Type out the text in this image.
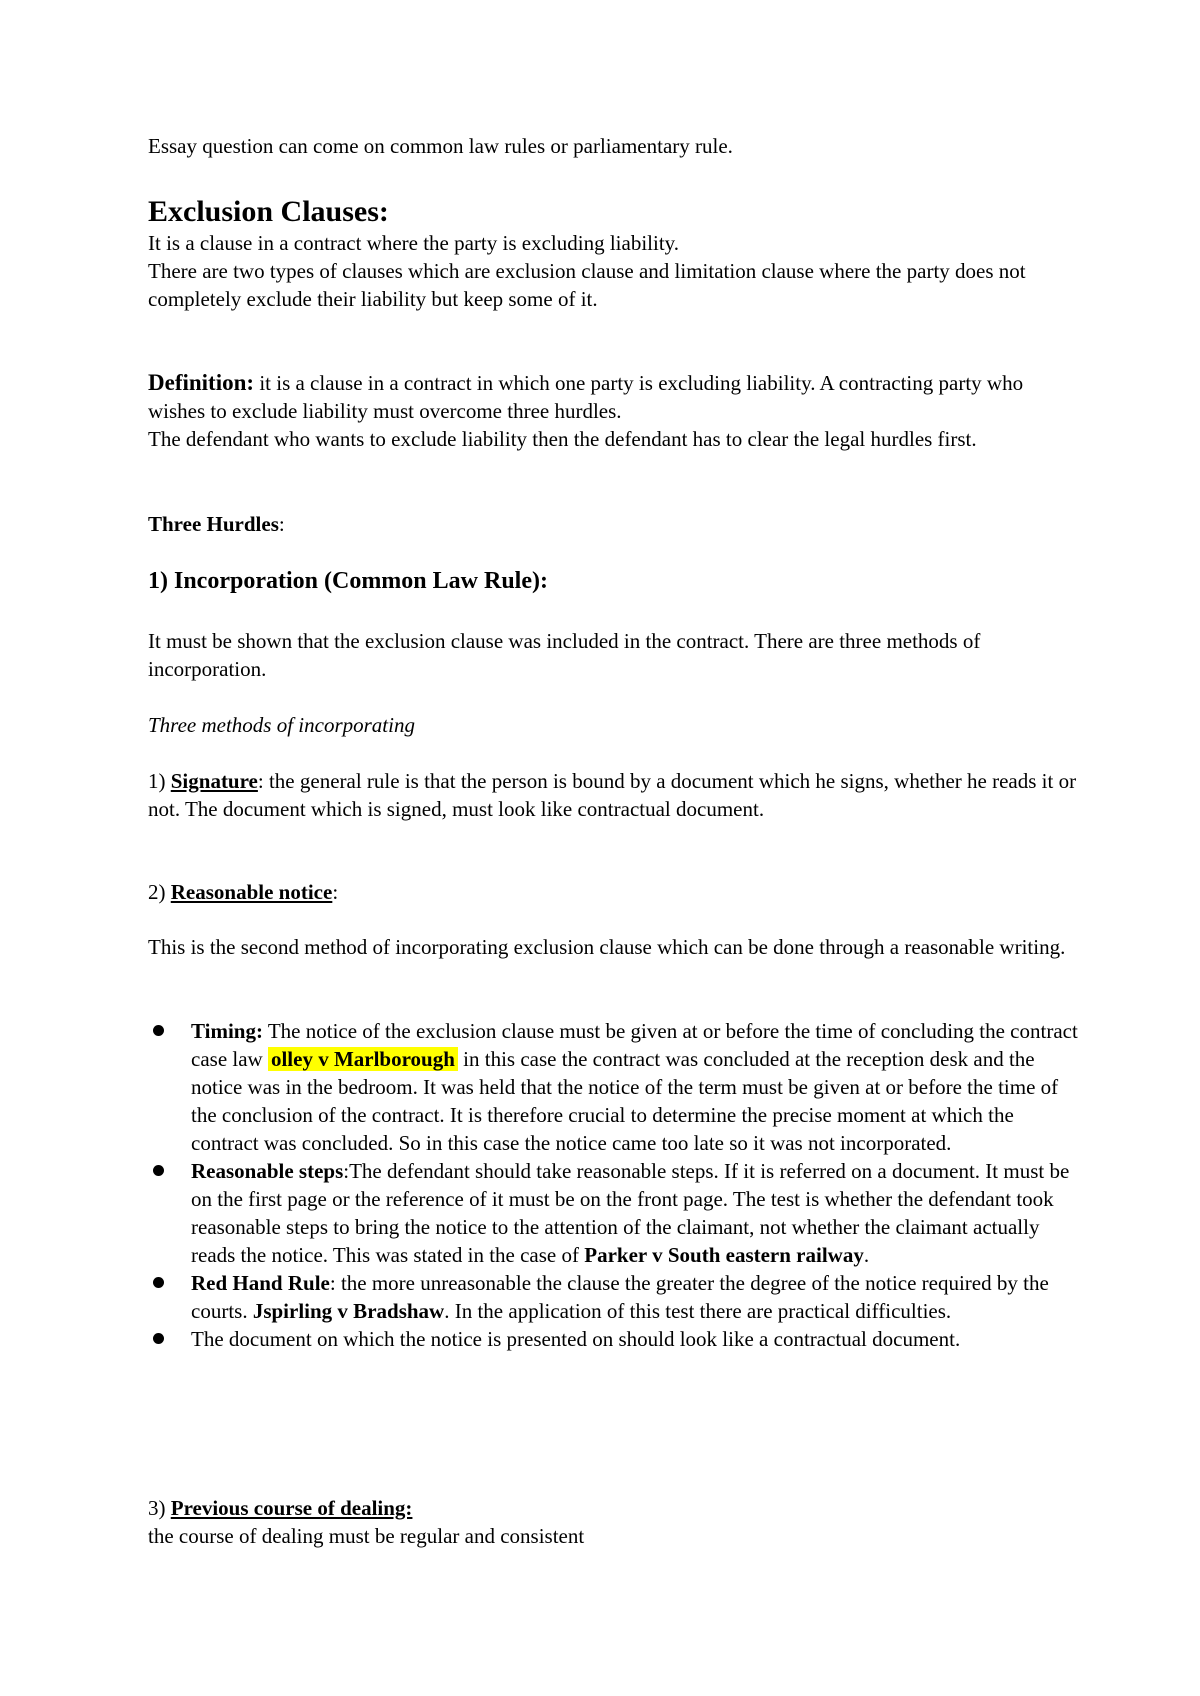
Essay question can come on common law rules or parliamentary rule.

Exclusion Clauses:

It is a clause in a contract where the party is excluding liability.

There are two types of clauses which are exclusion clause and limitation clause where the party does not completely exclude their liability but keep some of it.

Definition: it is a clause in a contract in which one party is excluding liability. A contracting party who wishes to exclude liability must overcome three hurdles.

The defendant who wants to exclude liability then the defendant has to clear the legal hurdles first.

Three Hurdles:

1) Incorporation (Common Law Rule):

It must be shown that the exclusion clause was included in the contract. There are three methods of incorporation.

Three methods of incorporating

1) Signature: the general rule is that the person is bound by a document which he signs, whether he reads it or not. The document which is signed, must look like contractual document.

2) Reasonable notice:

This is the second method of incorporating exclusion clause which can be done through a reasonable writing.

Timing: The notice of the exclusion clause must be given at or before the time of concluding the contract case law olley v Marlborough in this case the contract was concluded at the reception desk and the notice was in the bedroom. It was held that the notice of the term must be given at or before the time of the conclusion of the contract. It is therefore crucial to determine the precise moment at which the contract was concluded. So in this case the notice came too late so it was not incorporated.
Reasonable steps:The defendant should take reasonable steps. If it is referred on a document. It must be on the first page or the reference of it must be on the front page. The test is whether the defendant took reasonable steps to bring the notice to the attention of the claimant, not whether the claimant actually reads the notice. This was stated in the case of Parker v South eastern railway.
Red Hand Rule: the more unreasonable the clause the greater the degree of the notice required by the courts. Jspirling v Bradshaw. In the application of this test there are practical difficulties.
The document on which the notice is presented on should look like a contractual document.

3) Previous course of dealing:

the course of dealing must be regular and consistent
